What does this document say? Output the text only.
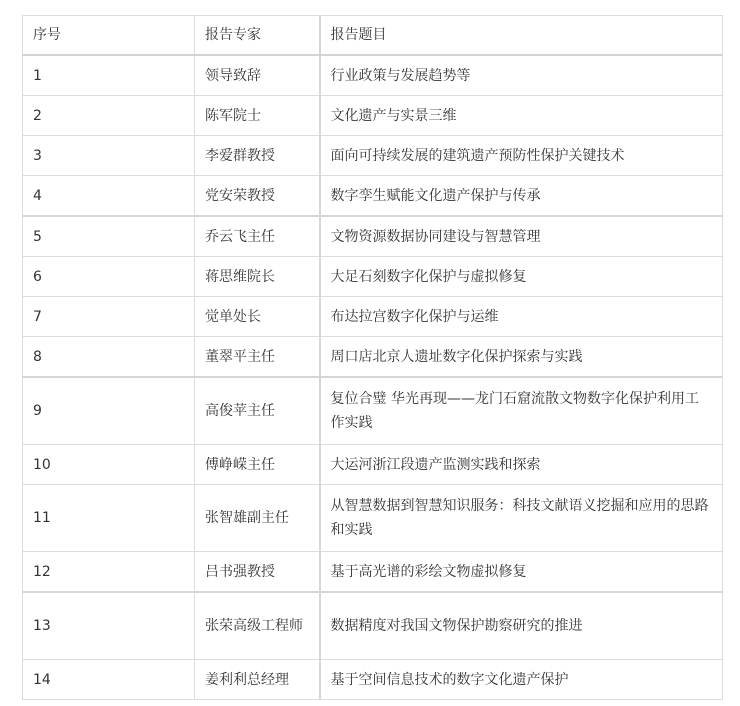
序号	报告专家	报告题目
1	领导致辞	行业政策与发展趋势等
2	陈军院士	文化遗产与实景三维
3	李爱群教授	面向可持续发展的建筑遗产预防性保护关键技术
4	党安荣教授	数字孪生赋能文化遗产保护与传承
5	乔云飞主任	文物资源数据协同建设与智慧管理
6	蒋思维院长	大足石刻数字化保护与虚拟修复
7	觉单处长	布达拉宫数字化保护与运维
8	董翠平主任	周口店北京人遗址数字化保护探索与实践
9	高俊苹主任	复位合璧 华光再现——龙门石窟流散文物数字化保护利用工作实践
10	傅峥嵘主任	大运河浙江段遗产监测实践和探索
11	张智雄副主任	从智慧数据到智慧知识服务：科技文献语义挖掘和应用的思路和实践
12	吕书强教授	基于高光谱的彩绘文物虚拟修复
13	张荣高级工程师	数据精度对我国文物保护勘察研究的推进
14	姜利利总经理	基于空间信息技术的数字文化遗产保护
